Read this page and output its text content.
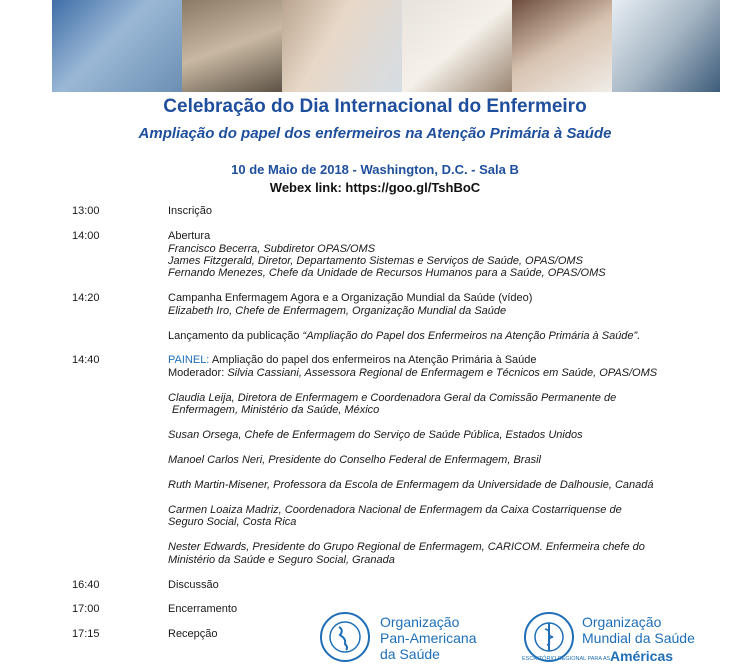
Celebração do Dia Internacional do Enfermeiro
Ampliação do papel dos enfermeiros na Atenção Primária à Saúde
10 de Maio de 2018 - Washington, D.C. - Sala B
Webex link: https://goo.gl/TshBoC
13:00	Inscrição
14:00	Abertura
Francisco Becerra, Subdiretor OPAS/OMS
James Fitzgerald, Diretor, Departamento Sistemas e Serviços de Saúde, OPAS/OMS
Fernando Menezes, Chefe da Unidade de Recursos Humanos para a Saúde, OPAS/OMS
14:20	Campanha Enfermagem Agora e a Organização Mundial da Saúde (vídeo)
Elizabeth Iro, Chefe de Enfermagem, Organização Mundial da Saúde
Lançamento da publicação “Ampliação do Papel dos Enfermeiros na Atenção Primária à Saúde”.
14:40	PAINEL: Ampliação do papel dos enfermeiros na Atenção Primária à Saúde
Moderador: Silvia Cassiani, Assessora Regional de Enfermagem e Técnicos em Saúde, OPAS/OMS
Claudia Leija, Diretora de Enfermagem e Coordenadora Geral da Comissão Permanente de
Enfermagem, Ministério da Saúde, México
Susan Orsega, Chefe de Enfermagem do Serviço de Saúde Pública, Estados Unidos
Manoel Carlos Neri, Presidente do Conselho Federal de Enfermagem, Brasil
Ruth Martin-Misener, Professora da Escola de Enfermagem da Universidade de Dalhousie, Canadá
Carmen Loaiza Madriz, Coordenadora Nacional de Enfermagem da Caixa Costarriquense de
Seguro Social, Costa Rica
Nester Edwards, Presidente do Grupo Regional de Enfermagem, CARICOM. Enfermeira chefe do
Ministério da Saúde e Seguro Social, Granada
16:40	Discussão
17:00	Encerramento
17:15	Recepção
Organização
Pan-Americana
da Saúde
Organização
Mundial da Saúde
ESCRITÓRIO REGIONAL PARA AS Américas
